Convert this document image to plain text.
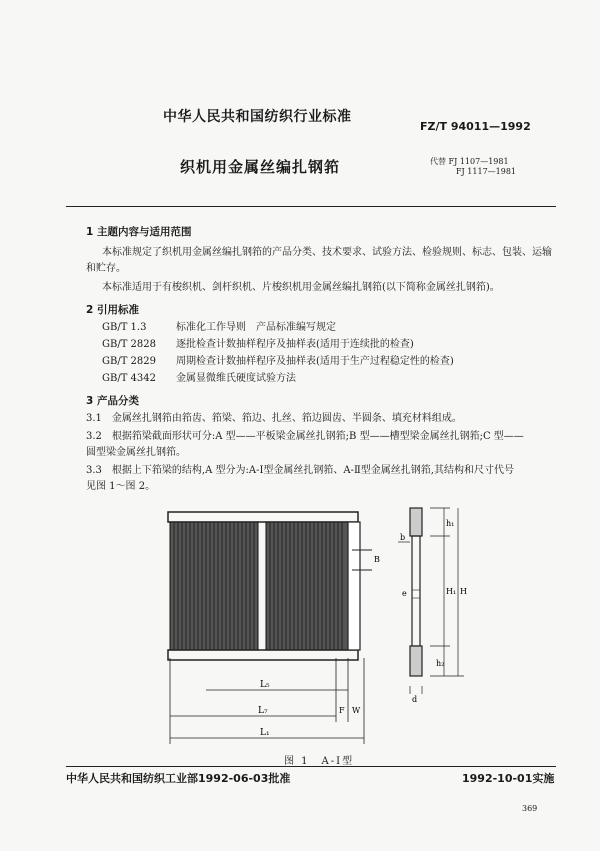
中华人民共和国纺织行业标准
FZ/T 94011—1992
织机用金属丝编扎钢筘	代替 FJ 1107—1981
FJ 1117—1981
1 主题内容与适用范围
本标准规定了织机用金属丝编扎钢筘的产品分类、技术要求、试验方法、检验规则、标志、包装、运输
和贮存。
本标准适用于有梭织机、剑杆织机、片梭织机用金属丝编扎钢筘(以下简称金属丝扎钢筘)。
2 引用标准
GB/T 1.3	标准化工作导则　产品标准编写规定
GB/T 2828 逐批检查计数抽样程序及抽样表(适用于连续批的检查)
GB/T 2829 周期检查计数抽样程序及抽样表(适用于生产过程稳定性的检查)
GB/T 4342 金属显微维氏硬度试验方法
3 产品分类
3.1　金属丝扎钢筘由筘齿、筘梁、筘边、扎丝、筘边圆齿、半圆条、填充材料组成。
3.2　根据筘梁截面形状可分:A 型——平板梁金属丝扎钢筘;B 型——槽型梁金属丝扎钢筘;C 型——
圆型梁金属丝扎钢筘。
3.3　根据上下筘梁的结构,A 型分为:A-Ⅰ型金属丝扎钢筘、A-Ⅱ型金属丝扎钢筘,其结构和尺寸代号
见图 1～图 2。
L₅
L₇
L₁
F W
B
h₁
H₁ H
h₂
b
e
d
图 1　A-Ⅰ型
中华人民共和国纺织工业部1992-06-03批准	1992-10-01实施
369
